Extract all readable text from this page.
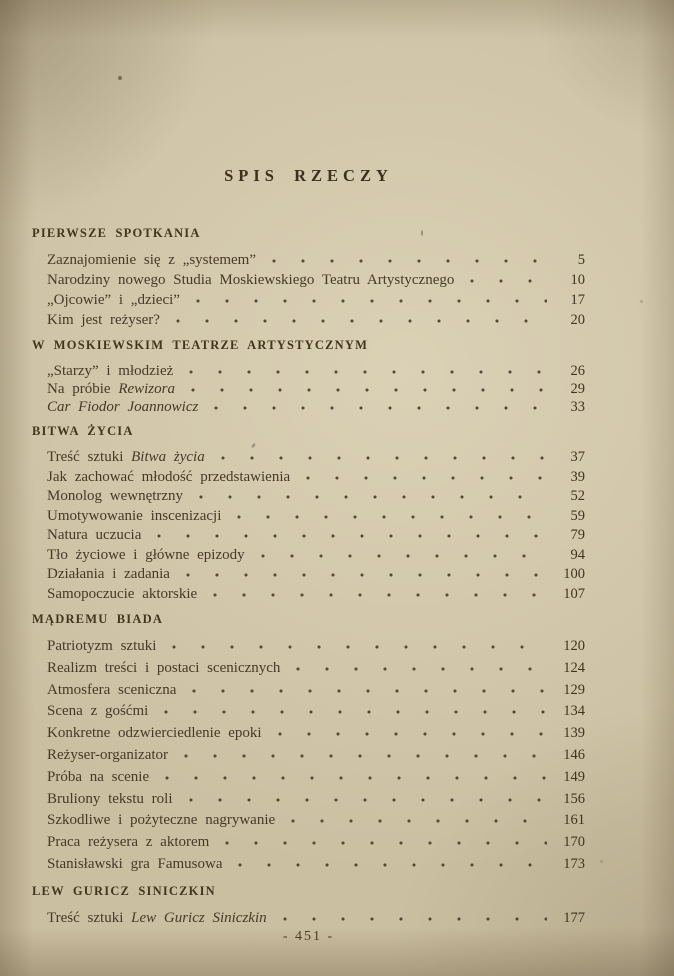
SPIS RZECZY
PIERWSZE SPOTKANIA
Zaznajomienie się z „systemem”	5
Narodziny nowego Studia Moskiewskiego Teatru Artystycznego	10
„Ojcowie” i „dzieci”	17
Kim jest reżyser?	20
W MOSKIEWSKIM TEATRZE ARTYSTYCZNYM
„Starzy” i młodzież	26
Na próbie Rewizora	29
Car Fiodor Joannowicz	33
BITWA ŻYCIA
Treść sztuki Bitwa życia	37
Jak zachować młodość przedstawienia	39
Monolog wewnętrzny	52
Umotywowanie inscenizacji	59
Natura uczucia	79
Tło życiowe i główne epizody	94
Działania i zadania	100
Samopoczucie aktorskie	107
MĄDREMU BIADA
Patriotyzm sztuki	120
Realizm treści i postaci scenicznych	124
Atmosfera sceniczna	129
Scena z gośćmi	134
Konkretne odzwierciedlenie epoki	139
Reżyser-organizator	146
Próba na scenie	149
Bruliony tekstu roli	156
Szkodliwe i pożyteczne nagrywanie	161
Praca reżysera z aktorem	170
Stanisławski gra Famusowa	173
LEW GURICZ SINICZKIN
Treść sztuki Lew Guricz Siniczkin	177
- 451 -
